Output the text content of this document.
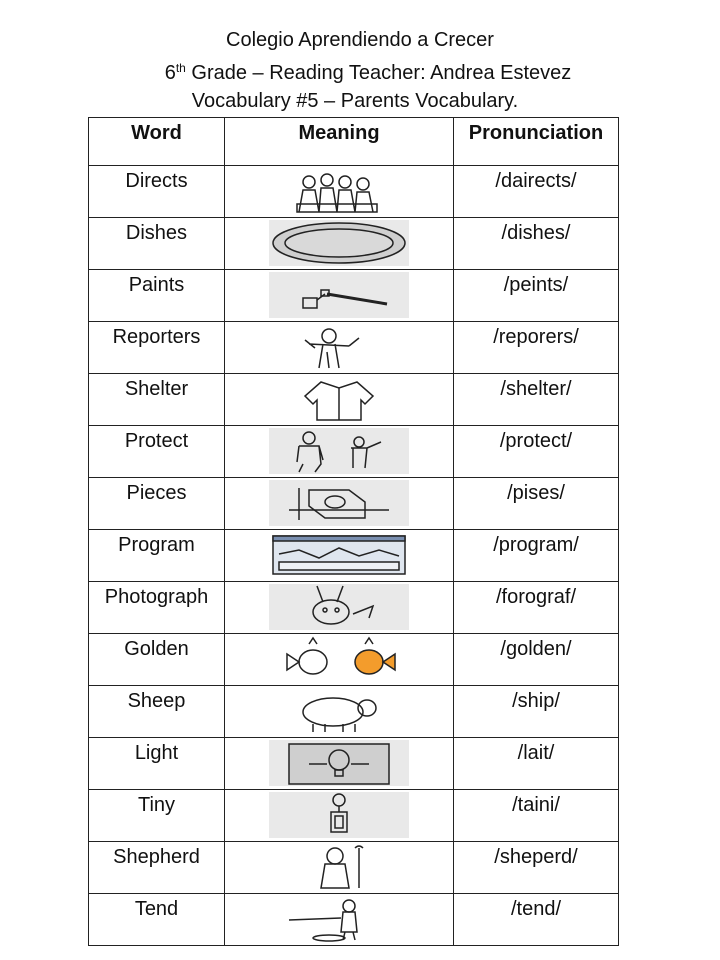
Colegio Aprendiendo a Crecer
6th Grade – Reading Teacher: Andrea Estevez
Vocabulary #5 – Parents Vocabulary.
Word	Meaning	Pronunciation
Directs		/dairects/
Dishes		/dishes/
Paints		/peints/
Reporters		/reporers/
Shelter		/shelter/
Protect		/protect/
Pieces		/pises/
Program		/program/
Photograph		/forograf/
Golden		/golden/
Sheep		/ship/
Light		/lait/
Tiny		/taini/
Shepherd		/sheperd/
Tend		/tend/
